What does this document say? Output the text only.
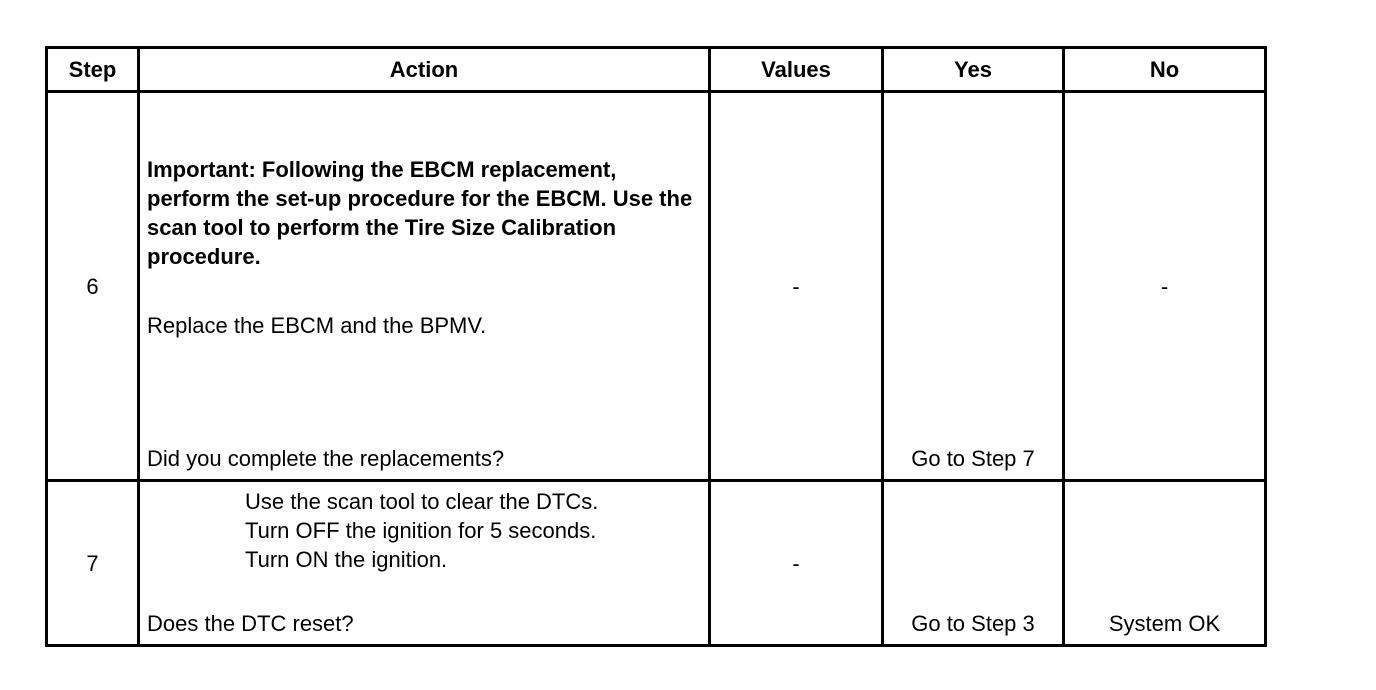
Step	Action	Values	Yes	No
6	Important: Following the EBCM replacement, perform the set-up procedure for the EBCM. Use the scan tool to perform the Tire Size Calibration procedure.
Replace the EBCM and the BPMV.
Did you complete the replacements?	-	Go to Step 7	-
7	Use the scan tool to clear the DTCs.
Turn OFF the ignition for 5 seconds.
Turn ON the ignition.
Does the DTC reset?	-	Go to Step 3	System OK
